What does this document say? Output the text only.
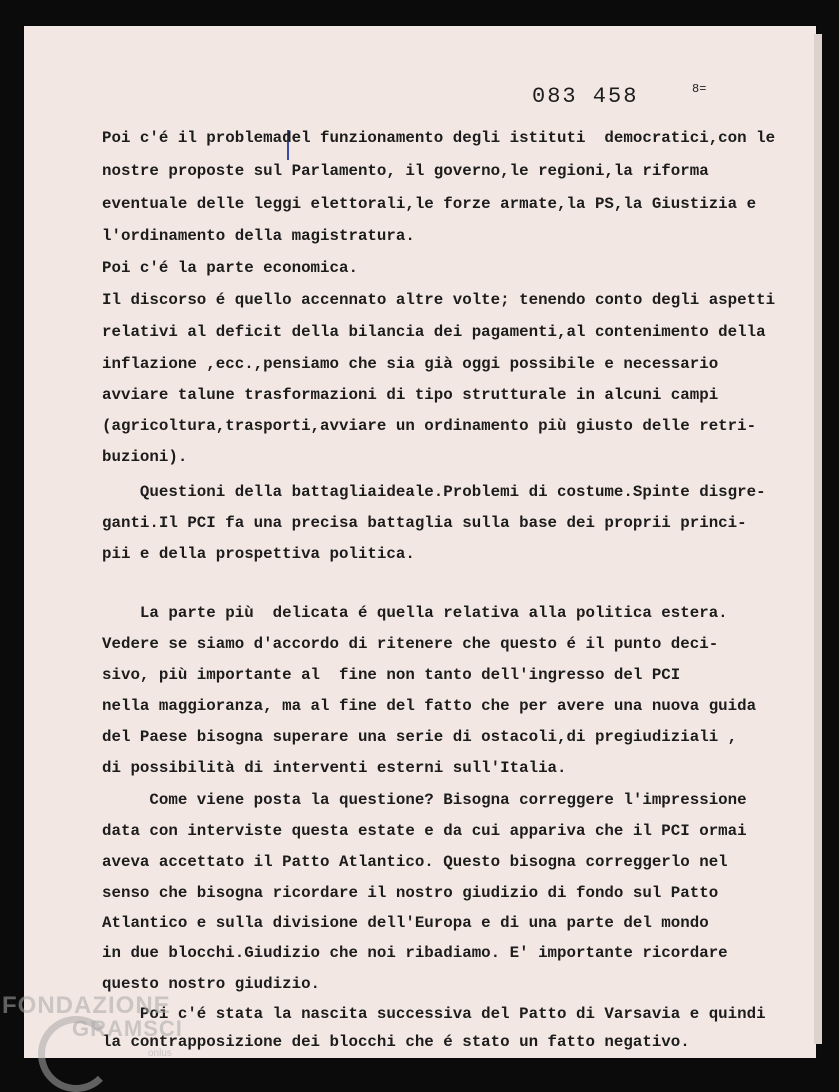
083 458	8=
Poi c'é il problemadel funzionamento degli istituti  democratici,con le
nostre proposte sul Parlamento, il governo,le regioni,la riforma
eventuale delle leggi elettorali,le forze armate,la PS,la Giustizia e
l'ordinamento della magistratura.
Poi c'é la parte economica.
Il discorso é quello accennato altre volte; tenendo conto degli aspetti
relativi al deficit della bilancia dei pagamenti,al contenimento della
inflazione ,ecc.,pensiamo che sia già oggi possibile e necessario
avviare talune trasformazioni di tipo strutturale in alcuni campi
(agricoltura,trasporti,avviare un ordinamento più giusto delle retri-
buzioni).
Questioni della battagliaideale.Problemi di costume.Spinte disgre-
ganti.Il PCI fa una precisa battaglia sulla base dei proprii princi-
pii e della prospettiva politica.
La parte più  delicata é quella relativa alla politica estera.
Vedere se siamo d'accordo di ritenere che questo é il punto deci-
sivo, più importante al  fine non tanto dell'ingresso del PCI
nella maggioranza, ma al fine del fatto che per avere una nuova guida
del Paese bisogna superare una serie di ostacoli,di pregiudiziali ,
di possibilità di interventi esterni sull'Italia.
Come viene posta la questione? Bisogna correggere l'impressione
data con interviste questa estate e da cui appariva che il PCI ormai
aveva accettato il Patto Atlantico. Questo bisogna correggerlo nel
senso che bisogna ricordare il nostro giudizio di fondo sul Patto
Atlantico e sulla divisione dell'Europa e di una parte del mondo
in due blocchi.Giudizio che noi ribadiamo. E' importante ricordare
questo nostro giudizio.
Poi c'é stata la nascita successiva del Patto di Varsavia e quindi
la contrapposizione dei blocchi che é stato un fatto negativo.
FONDAZIONE
GRAMSCI
onlus
